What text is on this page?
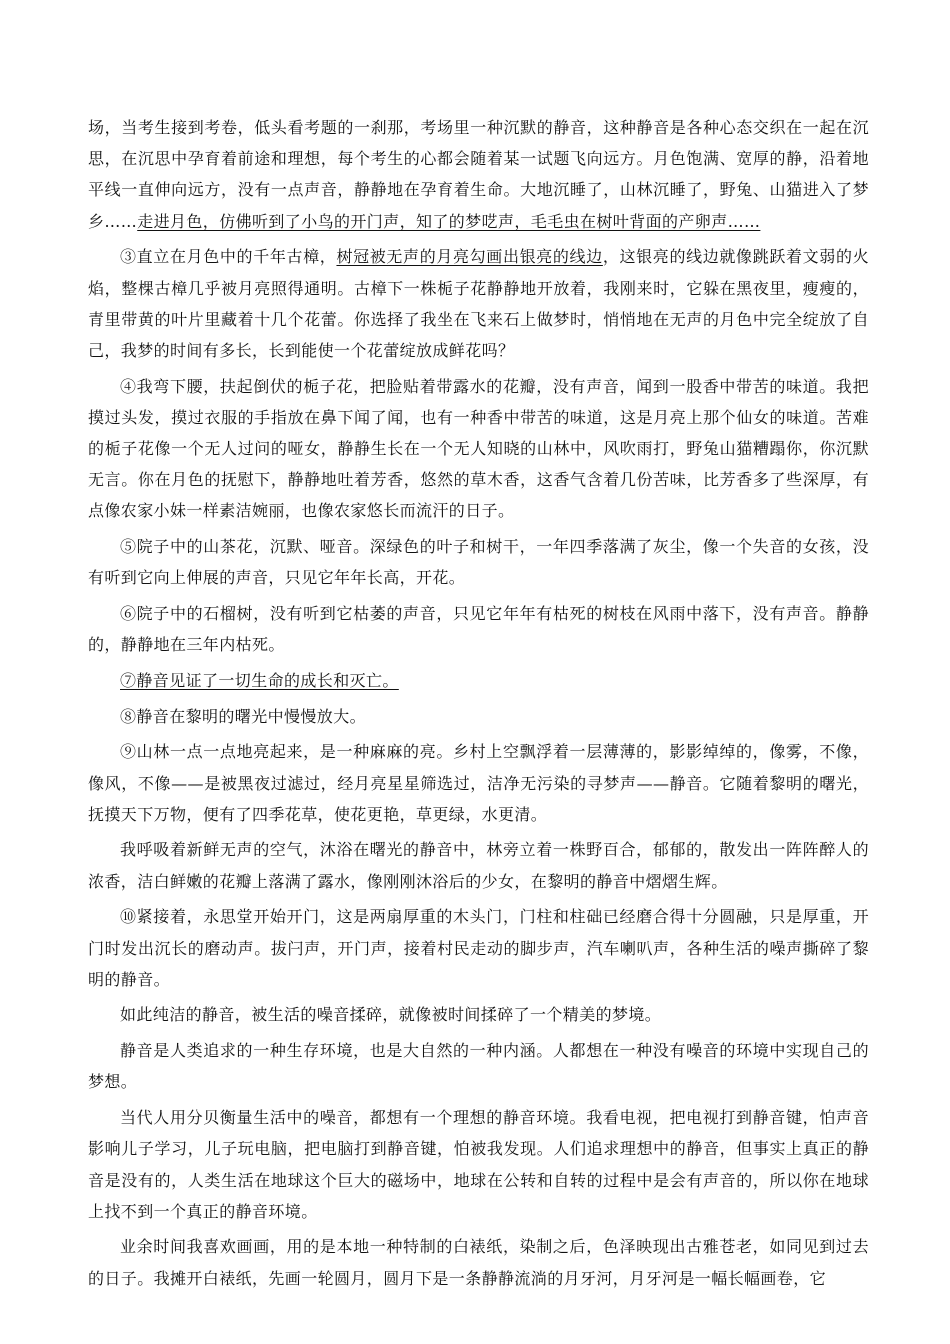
场，当考生接到考卷，低头看考题的一刹那，考场里一种沉默的静音，这种静音是各种心态交织在一起在沉思，在沉思中孕育着前途和理想，每个考生的心都会随着某一试题飞向远方。月色饱满、宽厚的静，沿着地平线一直伸向远方，没有一点声音，静静地在孕育着生命。大地沉睡了，山林沉睡了，野兔、山猫进入了梦乡……走进月色，仿佛听到了小鸟的开门声，知了的梦呓声，毛毛虫在树叶背面的产卵声……

③直立在月色中的千年古樟，树冠被无声的月亮勾画出银亮的线边，这银亮的线边就像跳跃着文弱的火焰，整棵古樟几乎被月亮照得通明。古樟下一株栀子花静静地开放着，我刚来时，它躲在黑夜里，瘦瘦的，青里带黄的叶片里藏着十几个花蕾。你选择了我坐在飞来石上做梦时，悄悄地在无声的月色中完全绽放了自己，我梦的时间有多长，长到能使一个花蕾绽放成鲜花吗？

④我弯下腰，扶起倒伏的栀子花，把脸贴着带露水的花瓣，没有声音，闻到一股香中带苦的味道。我把摸过头发，摸过衣服的手指放在鼻下闻了闻，也有一种香中带苦的味道，这是月亮上那个仙女的味道。苦难的栀子花像一个无人过问的哑女，静静生长在一个无人知晓的山林中，风吹雨打，野兔山猫糟蹋你，你沉默无言。你在月色的抚慰下，静静地吐着芳香，悠然的草木香，这香气含着几份苦味，比芳香多了些深厚，有点像农家小妹一样素洁婉丽，也像农家悠长而流汗的日子。

⑤院子中的山茶花，沉默、哑音。深绿色的叶子和树干，一年四季落满了灰尘，像一个失音的女孩，没有听到它向上伸展的声音，只见它年年长高，开花。

⑥院子中的石榴树，没有听到它枯萎的声音，只见它年年有枯死的树枝在风雨中落下，没有声音。静静的，静静地在三年内枯死。

⑦静音见证了一切生命的成长和灭亡。

⑧静音在黎明的曙光中慢慢放大。

⑨山林一点一点地亮起来，是一种麻麻的亮。乡村上空飘浮着一层薄薄的，影影绰绰的，像雾，不像，像风，不像——是被黑夜过滤过，经月亮星星筛选过，洁净无污染的寻梦声——静音。它随着黎明的曙光，抚摸天下万物，便有了四季花草，使花更艳，草更绿，水更清。

我呼吸着新鲜无声的空气，沐浴在曙光的静音中，林旁立着一株野百合，郁郁的，散发出一阵阵醉人的浓香，洁白鲜嫩的花瓣上落满了露水，像刚刚沐浴后的少女，在黎明的静音中熠熠生辉。

⑩紧接着，永思堂开始开门，这是两扇厚重的木头门，门柱和柱础已经磨合得十分圆融，只是厚重，开门时发出沉长的磨动声。拔闩声，开门声，接着村民走动的脚步声，汽车喇叭声，各种生活的噪声撕碎了黎明的静音。

如此纯洁的静音，被生活的噪音揉碎，就像被时间揉碎了一个精美的梦境。

静音是人类追求的一种生存环境，也是大自然的一种内涵。人都想在一种没有噪音的环境中实现自己的梦想。

当代人用分贝衡量生活中的噪音，都想有一个理想的静音环境。我看电视，把电视打到静音键，怕声音影响儿子学习，儿子玩电脑，把电脑打到静音键，怕被我发现。人们追求理想中的静音，但事实上真正的静音是没有的，人类生活在地球这个巨大的磁场中，地球在公转和自转的过程中是会有声音的，所以你在地球上找不到一个真正的静音环境。

业余时间我喜欢画画，用的是本地一种特制的白裱纸，染制之后，色泽映现出古雅苍老，如同见到过去的日子。我摊开白裱纸，先画一轮圆月，圆月下是一条静静流淌的月牙河，月牙河是一幅长幅画卷，它
